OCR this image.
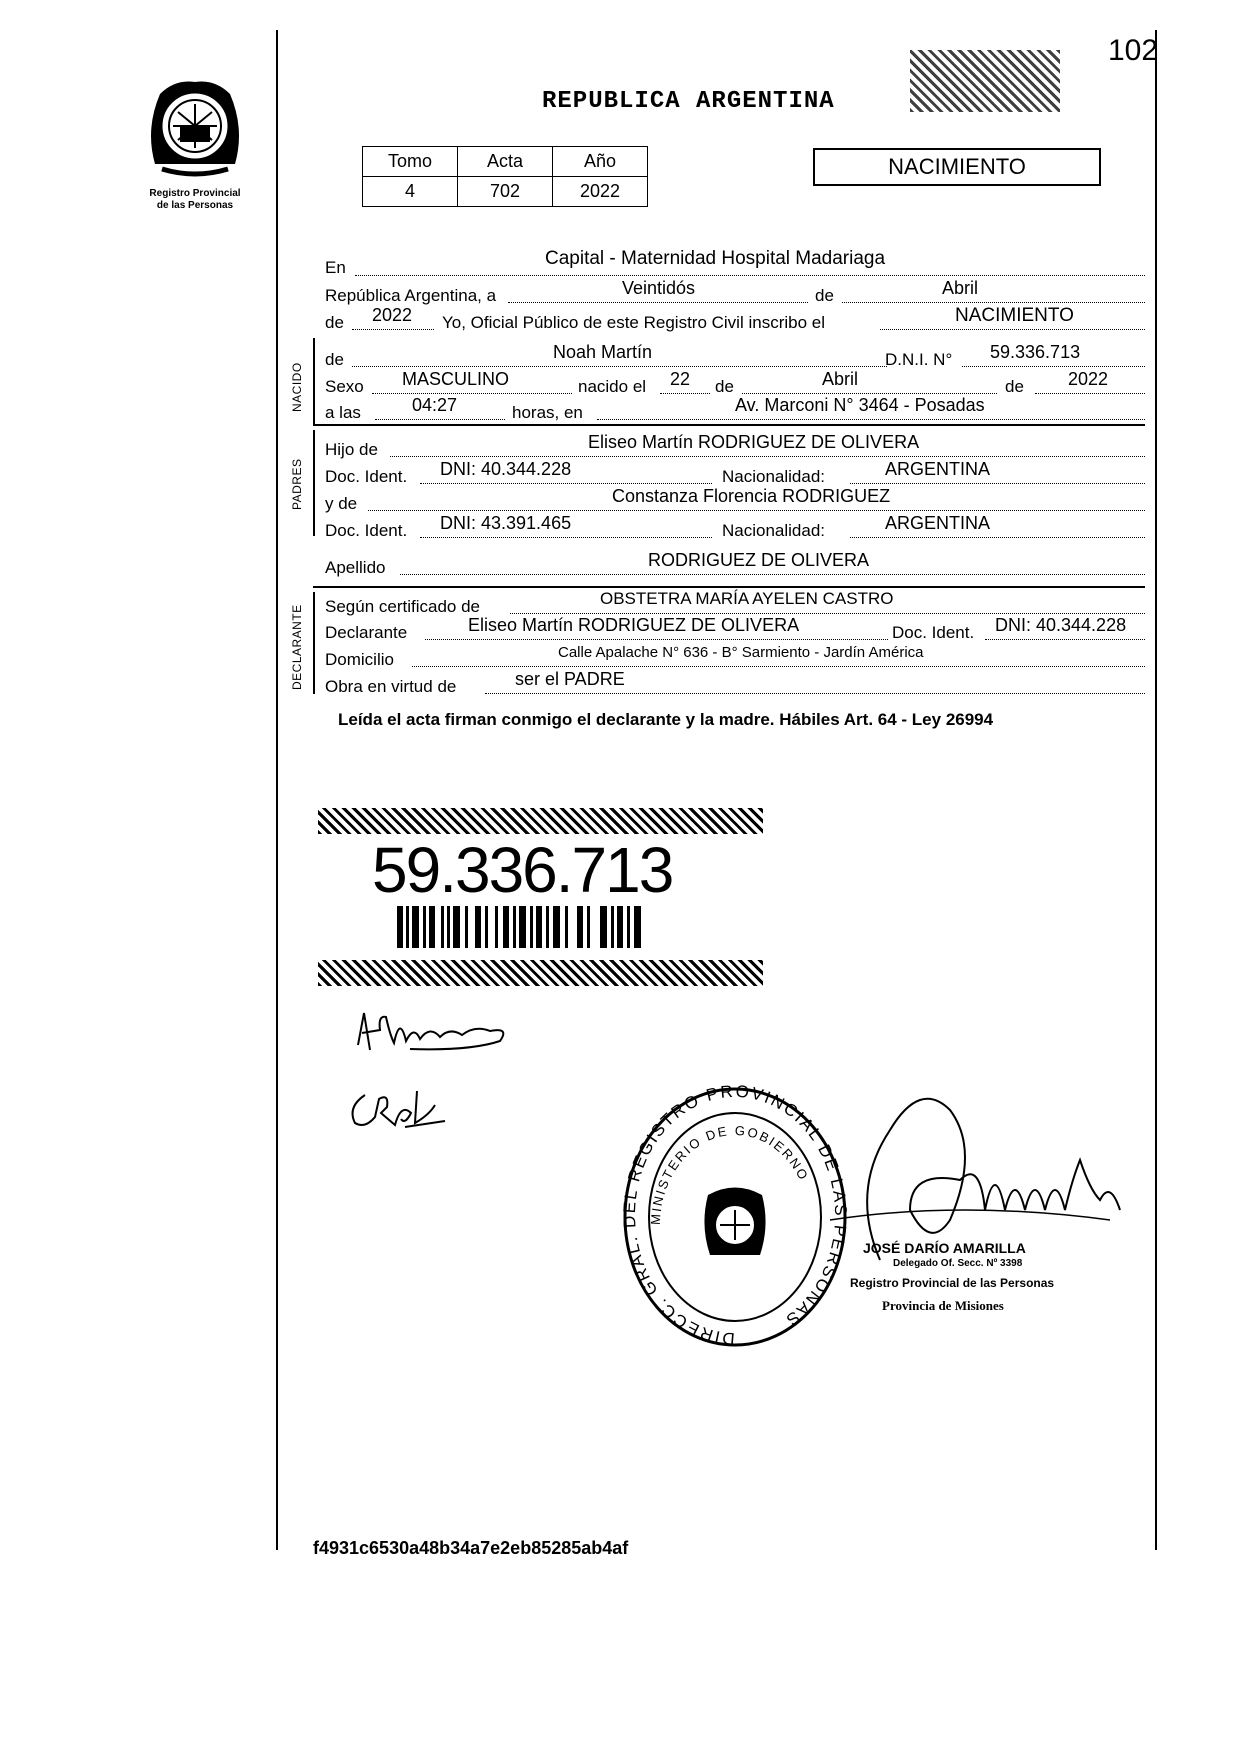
102
Registro Provincial
de las Personas
REPUBLICA ARGENTINA
Tomo	Acta	Año
4	702	2022
NACIMIENTO
En	Capital - Maternidad Hospital Madariaga
República Argentina, a	Veintidós	de	Abril
de 2022 Yo, Oficial Público de este Registro Civil inscribo el	NACIMIENTO
NACIDO
de	Noah Martín	D.N.I. N° 59.336.713
Sexo MASCULINO	nacido el 22 de	Abril	de 2022
a las	04:27	horas, en	Av. Marconi N° 3464 - Posadas
PADRES
Hijo de	Eliseo Martín RODRIGUEZ DE OLIVERA
Doc. Ident. DNI: 40.344.228	Nacionalidad:	ARGENTINA
y de	Constanza Florencia RODRIGUEZ
Doc. Ident. DNI: 43.391.465	Nacionalidad:	ARGENTINA
Apellido	RODRIGUEZ DE OLIVERA
DECLARANTE Según certificado de	OBSTETRA MARÍA AYELEN CASTRO
Declarante	Eliseo Martín RODRIGUEZ DE OLIVERA	Doc. Ident. DNI: 40.344.228
Domicilio	Calle Apalache N° 636 - B° Sarmiento - Jardín América
Obra en virtud de	ser el PADRE
Leída el acta firman conmigo el declarante y la madre. Hábiles Art. 64 - Ley 26994
59.336.713
DIRECC. GRAL. DEL REGISTRO PROVINCIAL DE LAS PERSONAS
MINISTERIO DE GOBIERNO
JOSÉ DARÍO AMARILLA
Delegado Of. Secc. Nº 3398
Registro Provincial de las Personas
Provincia de Misiones
f4931c6530a48b34a7e2eb85285ab4af
